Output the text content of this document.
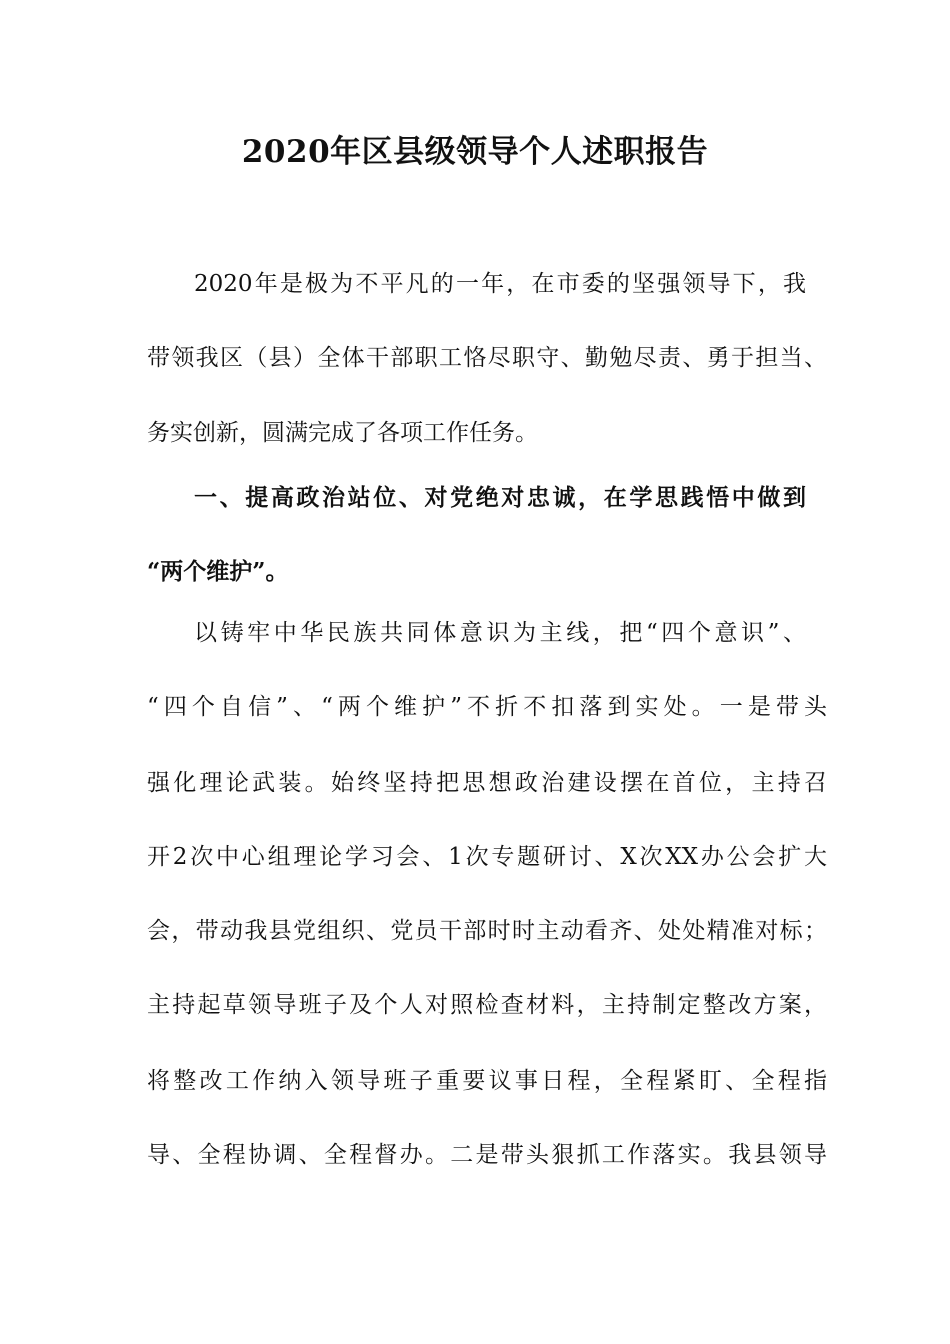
2020年区县级领导个人述职报告

2020年是极为不平凡的一年，在市委的坚强领导下，我

带领我区（县）全体干部职工恪尽职守、勤勉尽责、勇于担当、

务实创新，圆满完成了各项工作任务。

一、提高政治站位、对党绝对忠诚，在学思践悟中做到

“两个维护”。

以铸牢中华民族共同体意识为主线，把“四个意识”、

“四个自信”、“两个维护”不折不扣落到实处。一是带头

强化理论武装。始终坚持把思想政治建设摆在首位，主持召

开2次中心组理论学习会、1次专题研讨、X次XX办公会扩大

会，带动我县党组织、党员干部时时主动看齐、处处精准对标；

主持起草领导班子及个人对照检查材料，主持制定整改方案，

将整改工作纳入领导班子重要议事日程，全程紧盯、全程指

导、全程协调、全程督办。二是带头狠抓工作落实。我县领导
